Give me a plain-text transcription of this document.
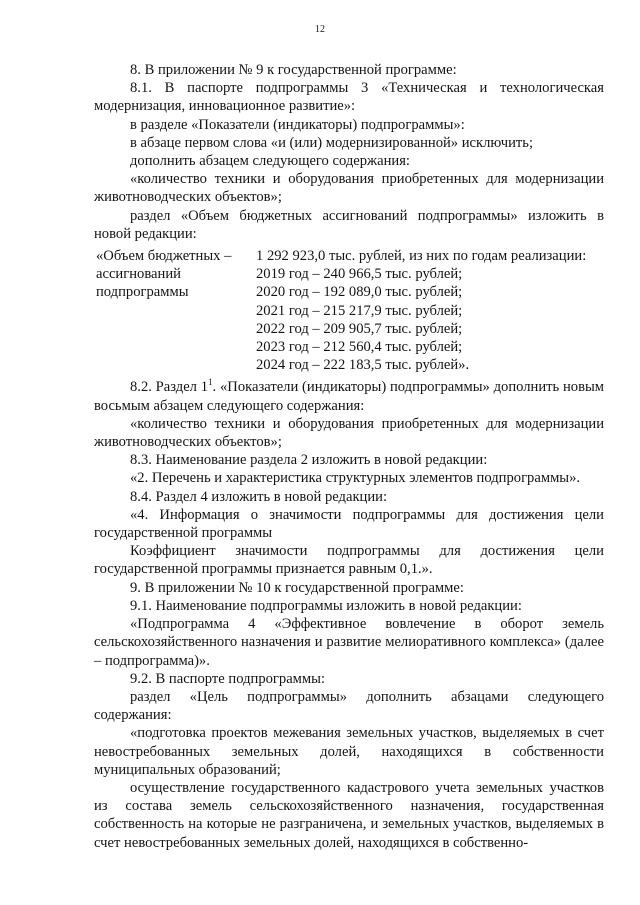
12

8. В приложении № 9 к государственной программе:

8.1. В паспорте подпрограммы 3 «Техническая и технологическая модернизация, инновационное развитие»:

в разделе «Показатели (индикаторы) подпрограммы»:

в абзаце первом слова «и (или) модернизированной» исключить;

дополнить абзацем следующего содержания:

«количество техники и оборудования приобретенных для модернизации животноводческих объектов»;

раздел «Объем бюджетных ассигнований подпрограммы» изложить в новой редакции:

«Объем бюджетных –
ассигнований
подпрограммы
1 292 923,0 тыс. рублей, из них по годам реализации:
2019 год – 240 966,5 тыс. рублей;
2020 год – 192 089,0 тыс. рублей;
2021 год – 215 217,9 тыс. рублей;
2022 год – 209 905,7 тыс. рублей;
2023 год – 212 560,4 тыс. рублей;
2024 год – 222 183,5 тыс. рублей».

8.2. Раздел $1^1$. «Показатели (индикаторы) подпрограммы» дополнить новым восьмым абзацем следующего содержания:

«количество техники и оборудования приобретенных для модернизации животноводческих объектов»;

8.3. Наименование раздела 2 изложить в новой редакции:

«2. Перечень и характеристика структурных элементов подпрограммы».

8.4. Раздел 4 изложить в новой редакции:

«4. Информация о значимости подпрограммы для достижения цели государственной программы

Коэффициент значимости подпрограммы для достижения цели государственной программы признается равным 0,1.».

9. В приложении № 10 к государственной программе:

9.1. Наименование подпрограммы изложить в новой редакции:

«Подпрограмма 4 «Эффективное вовлечение в оборот земель сельскохозяйственного назначения и развитие мелиоративного комплекса» (далее – подпрограмма)».

9.2. В паспорте подпрограммы:

раздел «Цель подпрограммы» дополнить абзацами следующего содержания:

«подготовка проектов межевания земельных участков, выделяемых в счет невостребованных земельных долей, находящихся в собственности муниципальных образований;

осуществление государственного кадастрового учета земельных участков из состава земель сельскохозяйственного назначения, государственная собственность на которые не разграничена, и земельных участков, выделяемых в счет невостребованных земельных долей, находящихся в собственно-
